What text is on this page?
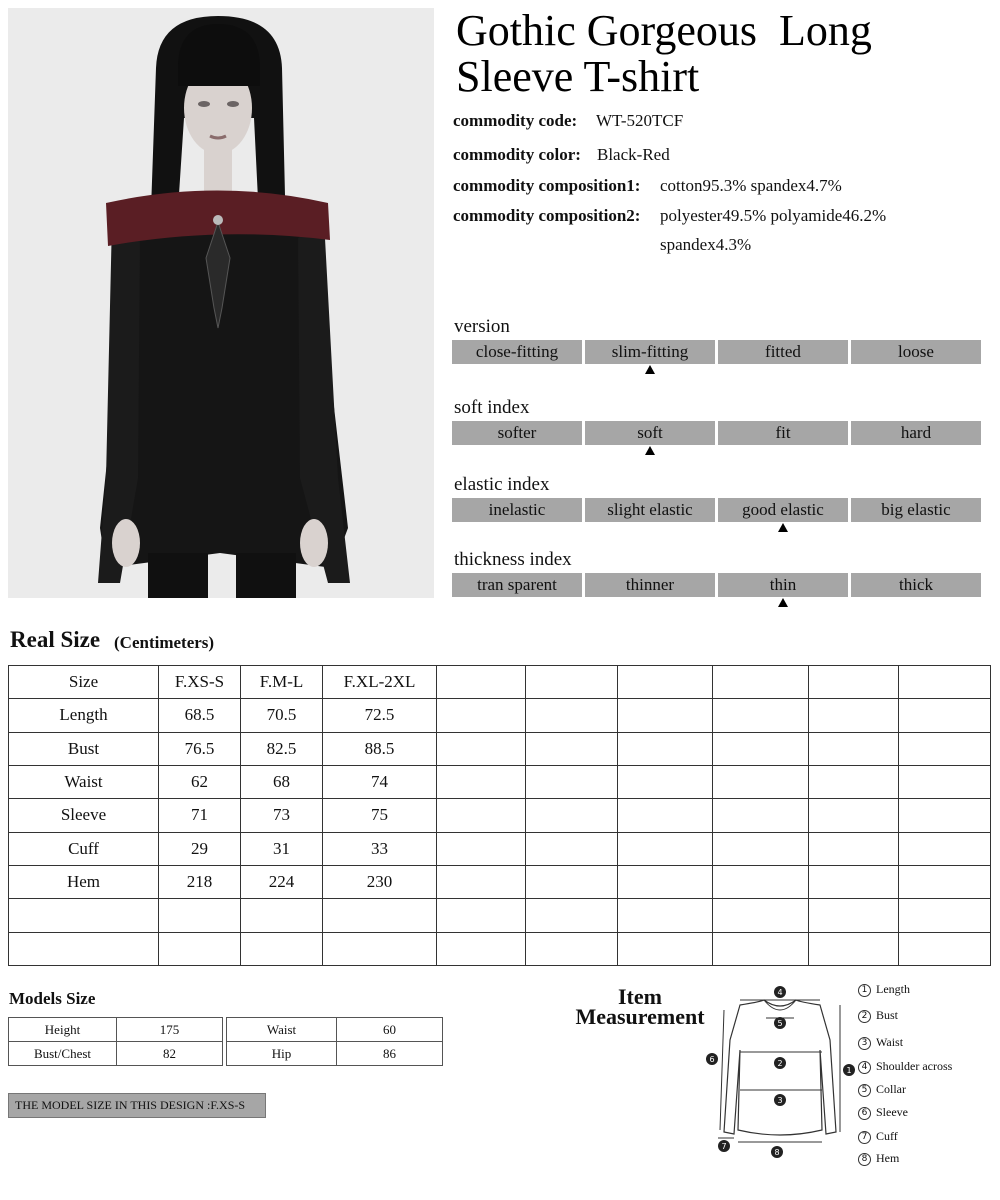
Gothic Gorgeous  Long
Sleeve T-shirt
commodity code: WT-520TCF
commodity color: Black-Red
commodity composition1: cotton95.3% spandex4.7%
commodity composition2: polyester49.5% polyamide46.2%
spandex4.3%
version
close-fitting	slim-fitting	fitted	loose
soft index
softer	soft	fit	hard
elastic index
inelastic	slight elastic	good elastic	big elastic
thickness index
tran sparent	thinner	thin	thick
Real Size (Centimeters)
Size	F.XS-S	F.M-L	F.XL-2XL						
Length	68.5	70.5	72.5						
Bust	76.5	82.5	88.5						
Waist	62	68	74						
Sleeve	71	73	75						
Cuff	29	31	33						
Hem	218	224	230						

Models Size
Height	175
Bust/Chest	82
Waist	60
Hip	86
THE MODEL SIZE IN THIS DESIGN :F.XS-S
Item
Measurement
4
5
2
3
1
6
7
8
1 Length
2 Bust
3 Waist
4 Shoulder across
5 Collar
6 Sleeve
7 Cuff
8 Hem
